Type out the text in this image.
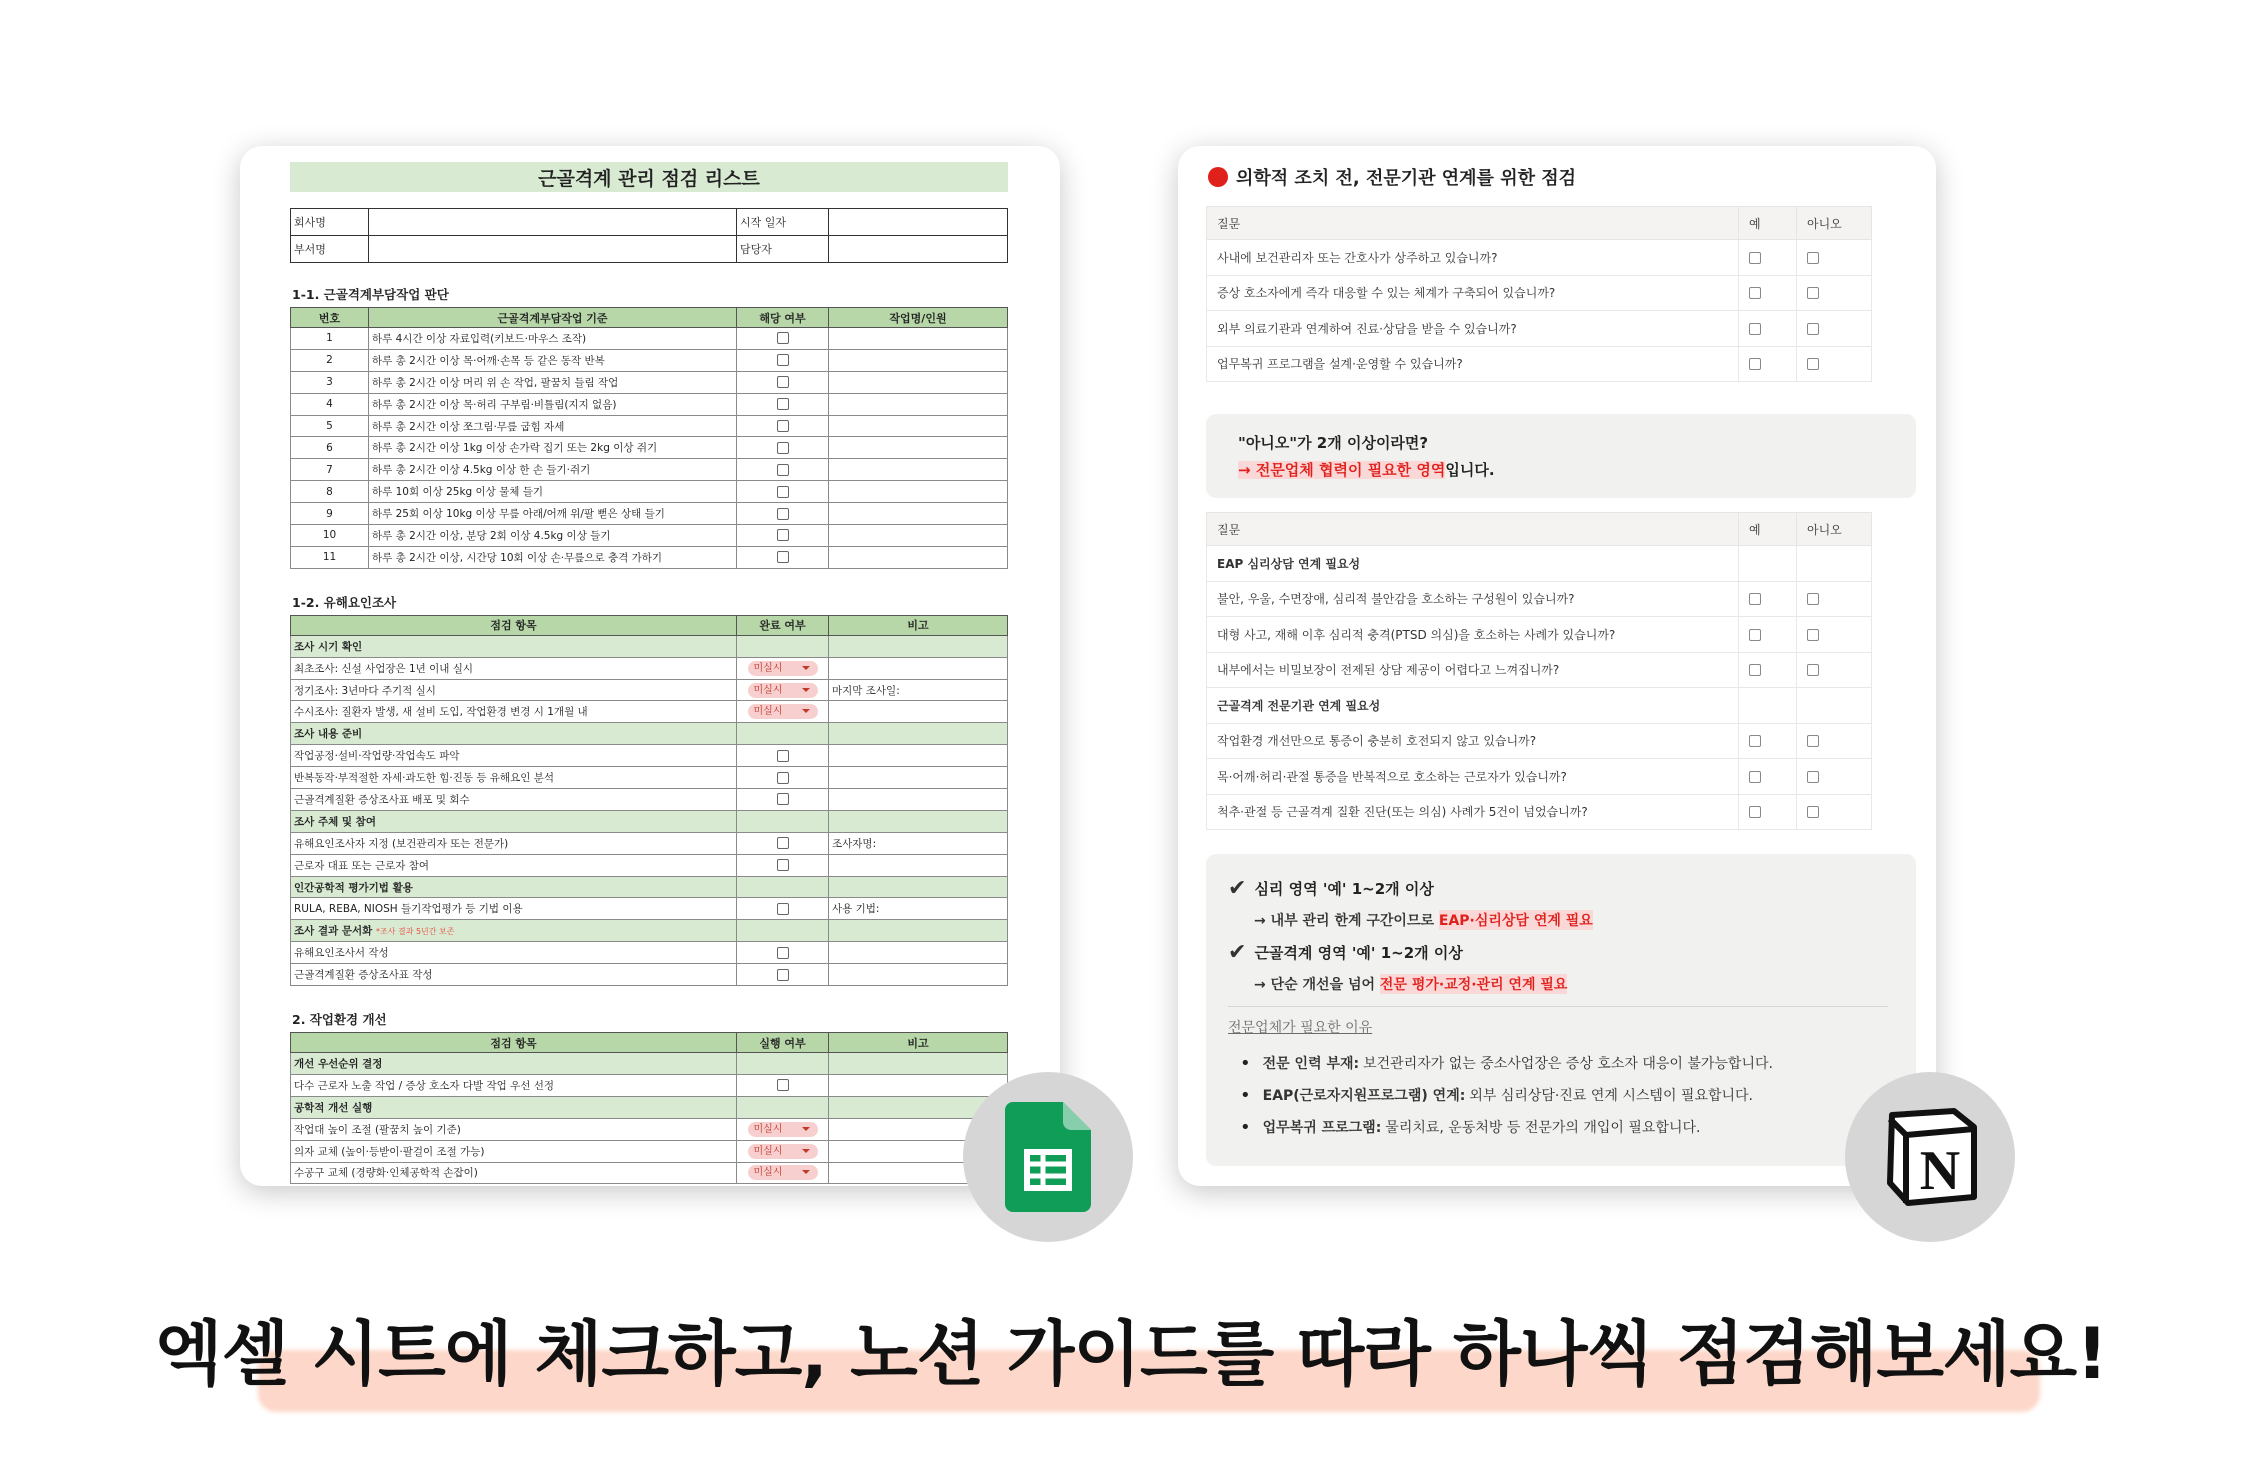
근골격계 관리 점검 리스트
회사명		시작 일자	
부서명		담당자	
1-1. 근골격계부담작업 판단
번호	근골격계부담작업 기준	해당 여부	작업명/인원
1	하루 4시간 이상 자료입력(키보드·마우스 조작)		
2	하루 총 2시간 이상 목·어깨·손목 등 같은 동작 반복		
3	하루 총 2시간 이상 머리 위 손 작업, 팔꿈치 들림 작업		
4	하루 총 2시간 이상 목·허리 구부림·비틀림(지지 없음)		
5	하루 총 2시간 이상 쪼그림·무릎 굽힘 자세		
6	하루 총 2시간 이상 1kg 이상 손가락 집기 또는 2kg 이상 쥐기		
7	하루 총 2시간 이상 4.5kg 이상 한 손 들기·쥐기		
8	하루 10회 이상 25kg 이상 물체 들기		
9	하루 25회 이상 10kg 이상 무릎 아래/어깨 위/팔 뻗은 상태 들기		
10	하루 총 2시간 이상, 분당 2회 이상 4.5kg 이상 들기		
11	하루 총 2시간 이상, 시간당 10회 이상 손·무릎으로 충격 가하기		
1-2. 유해요인조사
점검 항목	완료 여부	비고
조사 시기 확인		
최초조사: 신설 사업장은 1년 이내 실시	미실시	
정기조사: 3년마다 주기적 실시	미실시	마지막 조사일:
수시조사: 질환자 발생, 새 설비 도입, 작업환경 변경 시 1개월 내	미실시	
조사 내용 준비		
작업공정·설비·작업량·작업속도 파악		
반복동작·부적절한 자세·과도한 힘·진동 등 유해요인 분석		
근골격계질환 증상조사표 배포 및 회수		
조사 주체 및 참여		
유해요인조사자 지정 (보건관리자 또는 전문가)		조사자명:
근로자 대표 또는 근로자 참여		
인간공학적 평가기법 활용		
RULA, REBA, NIOSH 들기작업평가 등 기법 이용		사용 기법:
조사 결과 문서화 *조사 결과 5년간 보존		
유해요인조사서 작성		
근골격계질환 증상조사표 작성		
2. 작업환경 개선
점검 항목	실행 여부	비고
개선 우선순위 결정		
다수 근로자 노출 작업 / 증상 호소자 다발 작업 우선 선정		
공학적 개선 실행		
작업대 높이 조절 (팔꿈치 높이 기준)	미실시	
의자 교체 (높이·등받이·팔걸이 조절 가능)	미실시	
수공구 교체 (경량화·인체공학적 손잡이)	미실시	
의학적 조치 전, 전문기관 연계를 위한 점검
질문	예	아니오
사내에 보건관리자 또는 간호사가 상주하고 있습니까?		
증상 호소자에게 즉각 대응할 수 있는 체계가 구축되어 있습니까?		
외부 의료기관과 연계하여 진료·상담을 받을 수 있습니까?		
업무복귀 프로그램을 설계·운영할 수 있습니까?		
"아니오"가 2개 이상이라면?
→ 전문업체 협력이 필요한 영역입니다.
질문	예	아니오
EAP 심리상담 연계 필요성		
불안, 우울, 수면장애, 심리적 불안감을 호소하는 구성원이 있습니까?		
대형 사고, 재해 이후 심리적 충격(PTSD 의심)을 호소하는 사례가 있습니까?		
내부에서는 비밀보장이 전제된 상담 제공이 어렵다고 느껴집니까?		
근골격계 전문기관 연계 필요성		
작업환경 개선만으로 통증이 충분히 호전되지 않고 있습니까?		
목·어깨·허리·관절 통증을 반복적으로 호소하는 근로자가 있습니까?		
척추·관절 등 근골격계 질환 진단(또는 의심) 사례가 5건이 넘었습니까?		
✔ 심리 영역 '예' 1~2개 이상
→ 내부 관리 한계 구간이므로
EAP·심리상담 연계 필요
✔ 근골격계 영역 '예' 1~2개 이상
→ 단순 개선을 넘어
전문 평가·교정·관리 연계 필요
전문업체가 필요한 이유
• 전문 인력 부재: 보건관리자가 없는 중소사업장은 증상 호소자 대응이 불가능합니다.
• EAP(근로자지원프로그램) 연계: 외부 심리상담·진료 연계 시스템이 필요합니다.
• 업무복귀 프로그램: 물리치료, 운동처방 등 전문가의 개입이 필요합니다.
N
엑셀 시트에 체크하고, 노션 가이드를 따라 하나씩 점검해보세요!
